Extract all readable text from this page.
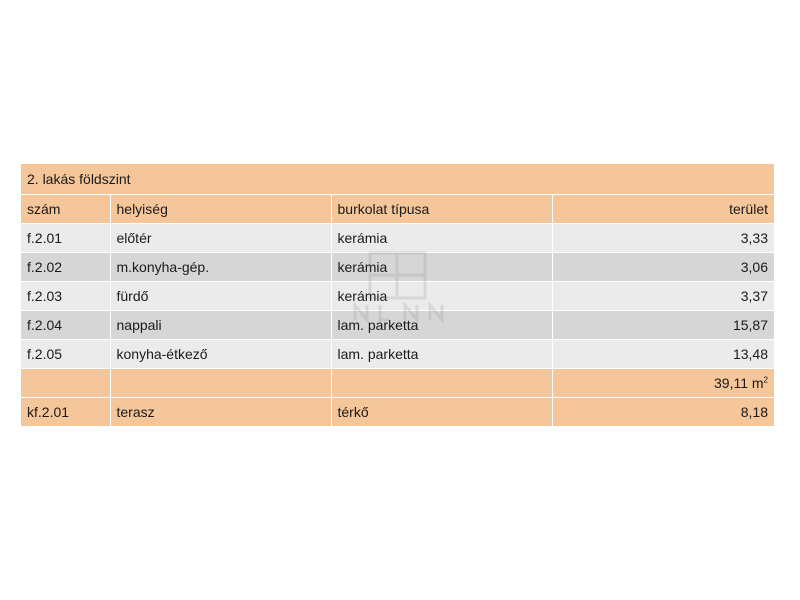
2. lakás földszint			
szám	helyiség	burkolat típusa	terület
f.2.01	előtér	kerámia	3,33
f.2.02	m.konyha-gép.	kerámia	3,06
f.2.03	fürdő	kerámia	3,37
f.2.04	nappali	lam. parketta	15,87
f.2.05	konyha-étkező	lam. parketta	13,48
			39,11 $m^2$
kf.2.01	terasz	térkő	8,18
